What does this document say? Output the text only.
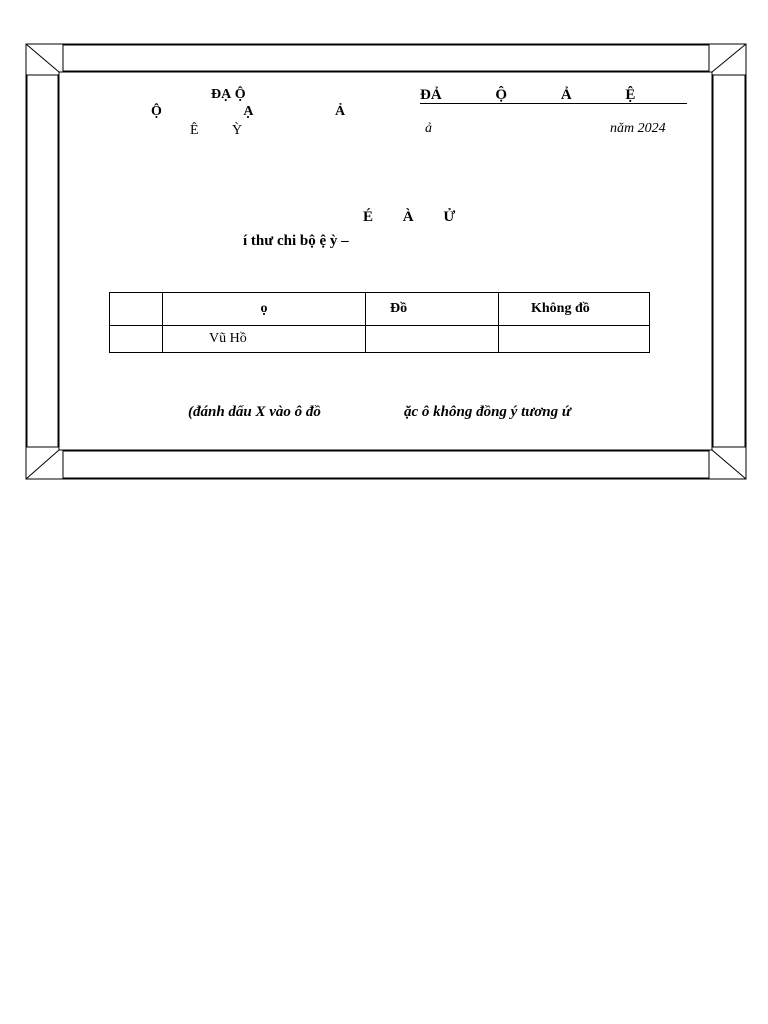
ĐẠ Ộ
Ộ Ạ Ả
Ê Ỳ
ĐẢ Ộ Ả Ệ
ả	năm 2024
É À Ử
í thư chi bộ ệ ỳ –
	ọ	Đồ	Không đồ
	Vũ Hồ		
(đánh dấu X vào ô đồ	ặc ô không đồng ý tương ứ
